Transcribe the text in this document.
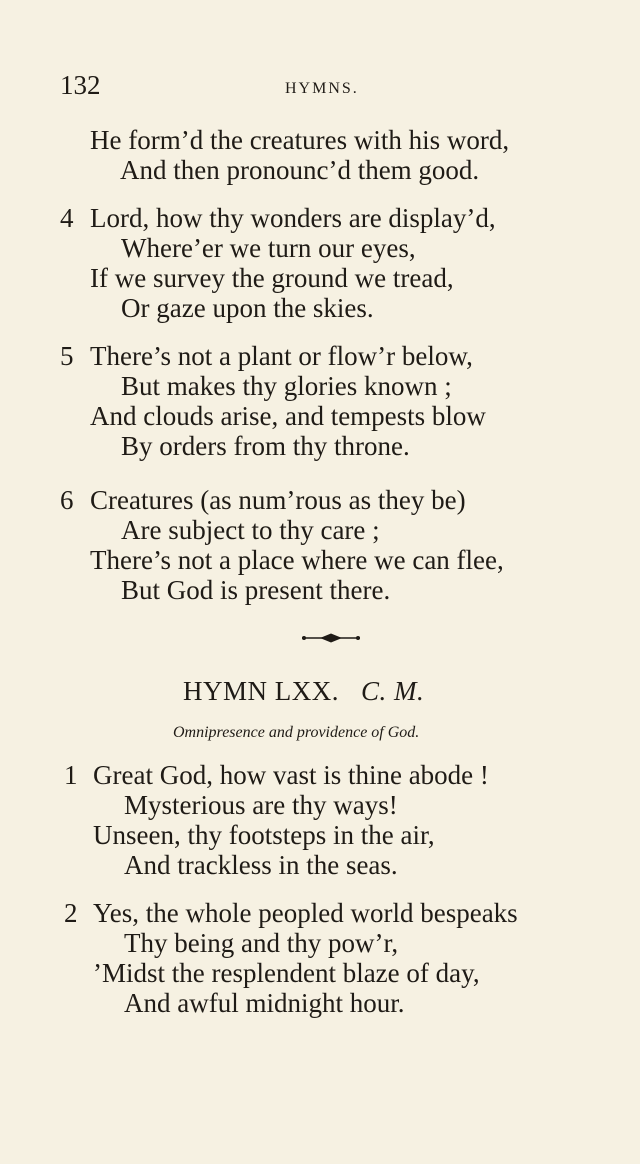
132	HYMNS.
He form’d the creatures with his word,
And then pronounc’d them good.
4 Lord, how thy wonders are display’d,
Where’er we turn our eyes,
If we survey the ground we tread,
Or gaze upon the skies.
5 There’s not a plant or flow’r below,
But makes thy glories known ;
And clouds arise, and tempests blow
By orders from thy throne.
6 Creatures (as num’rous as they be)
Are subject to thy care ;
There’s not a place where we can flee,
But God is present there.
HYMN LXX. C. M.
Omnipresence and providence of God.
1 Great God, how vast is thine abode !
Mysterious are thy ways!
Unseen, thy footsteps in the air,
And trackless in the seas.
2 Yes, the whole peopled world bespeaks
Thy being and thy pow’r,
’Midst the resplendent blaze of day,
And awful midnight hour.
